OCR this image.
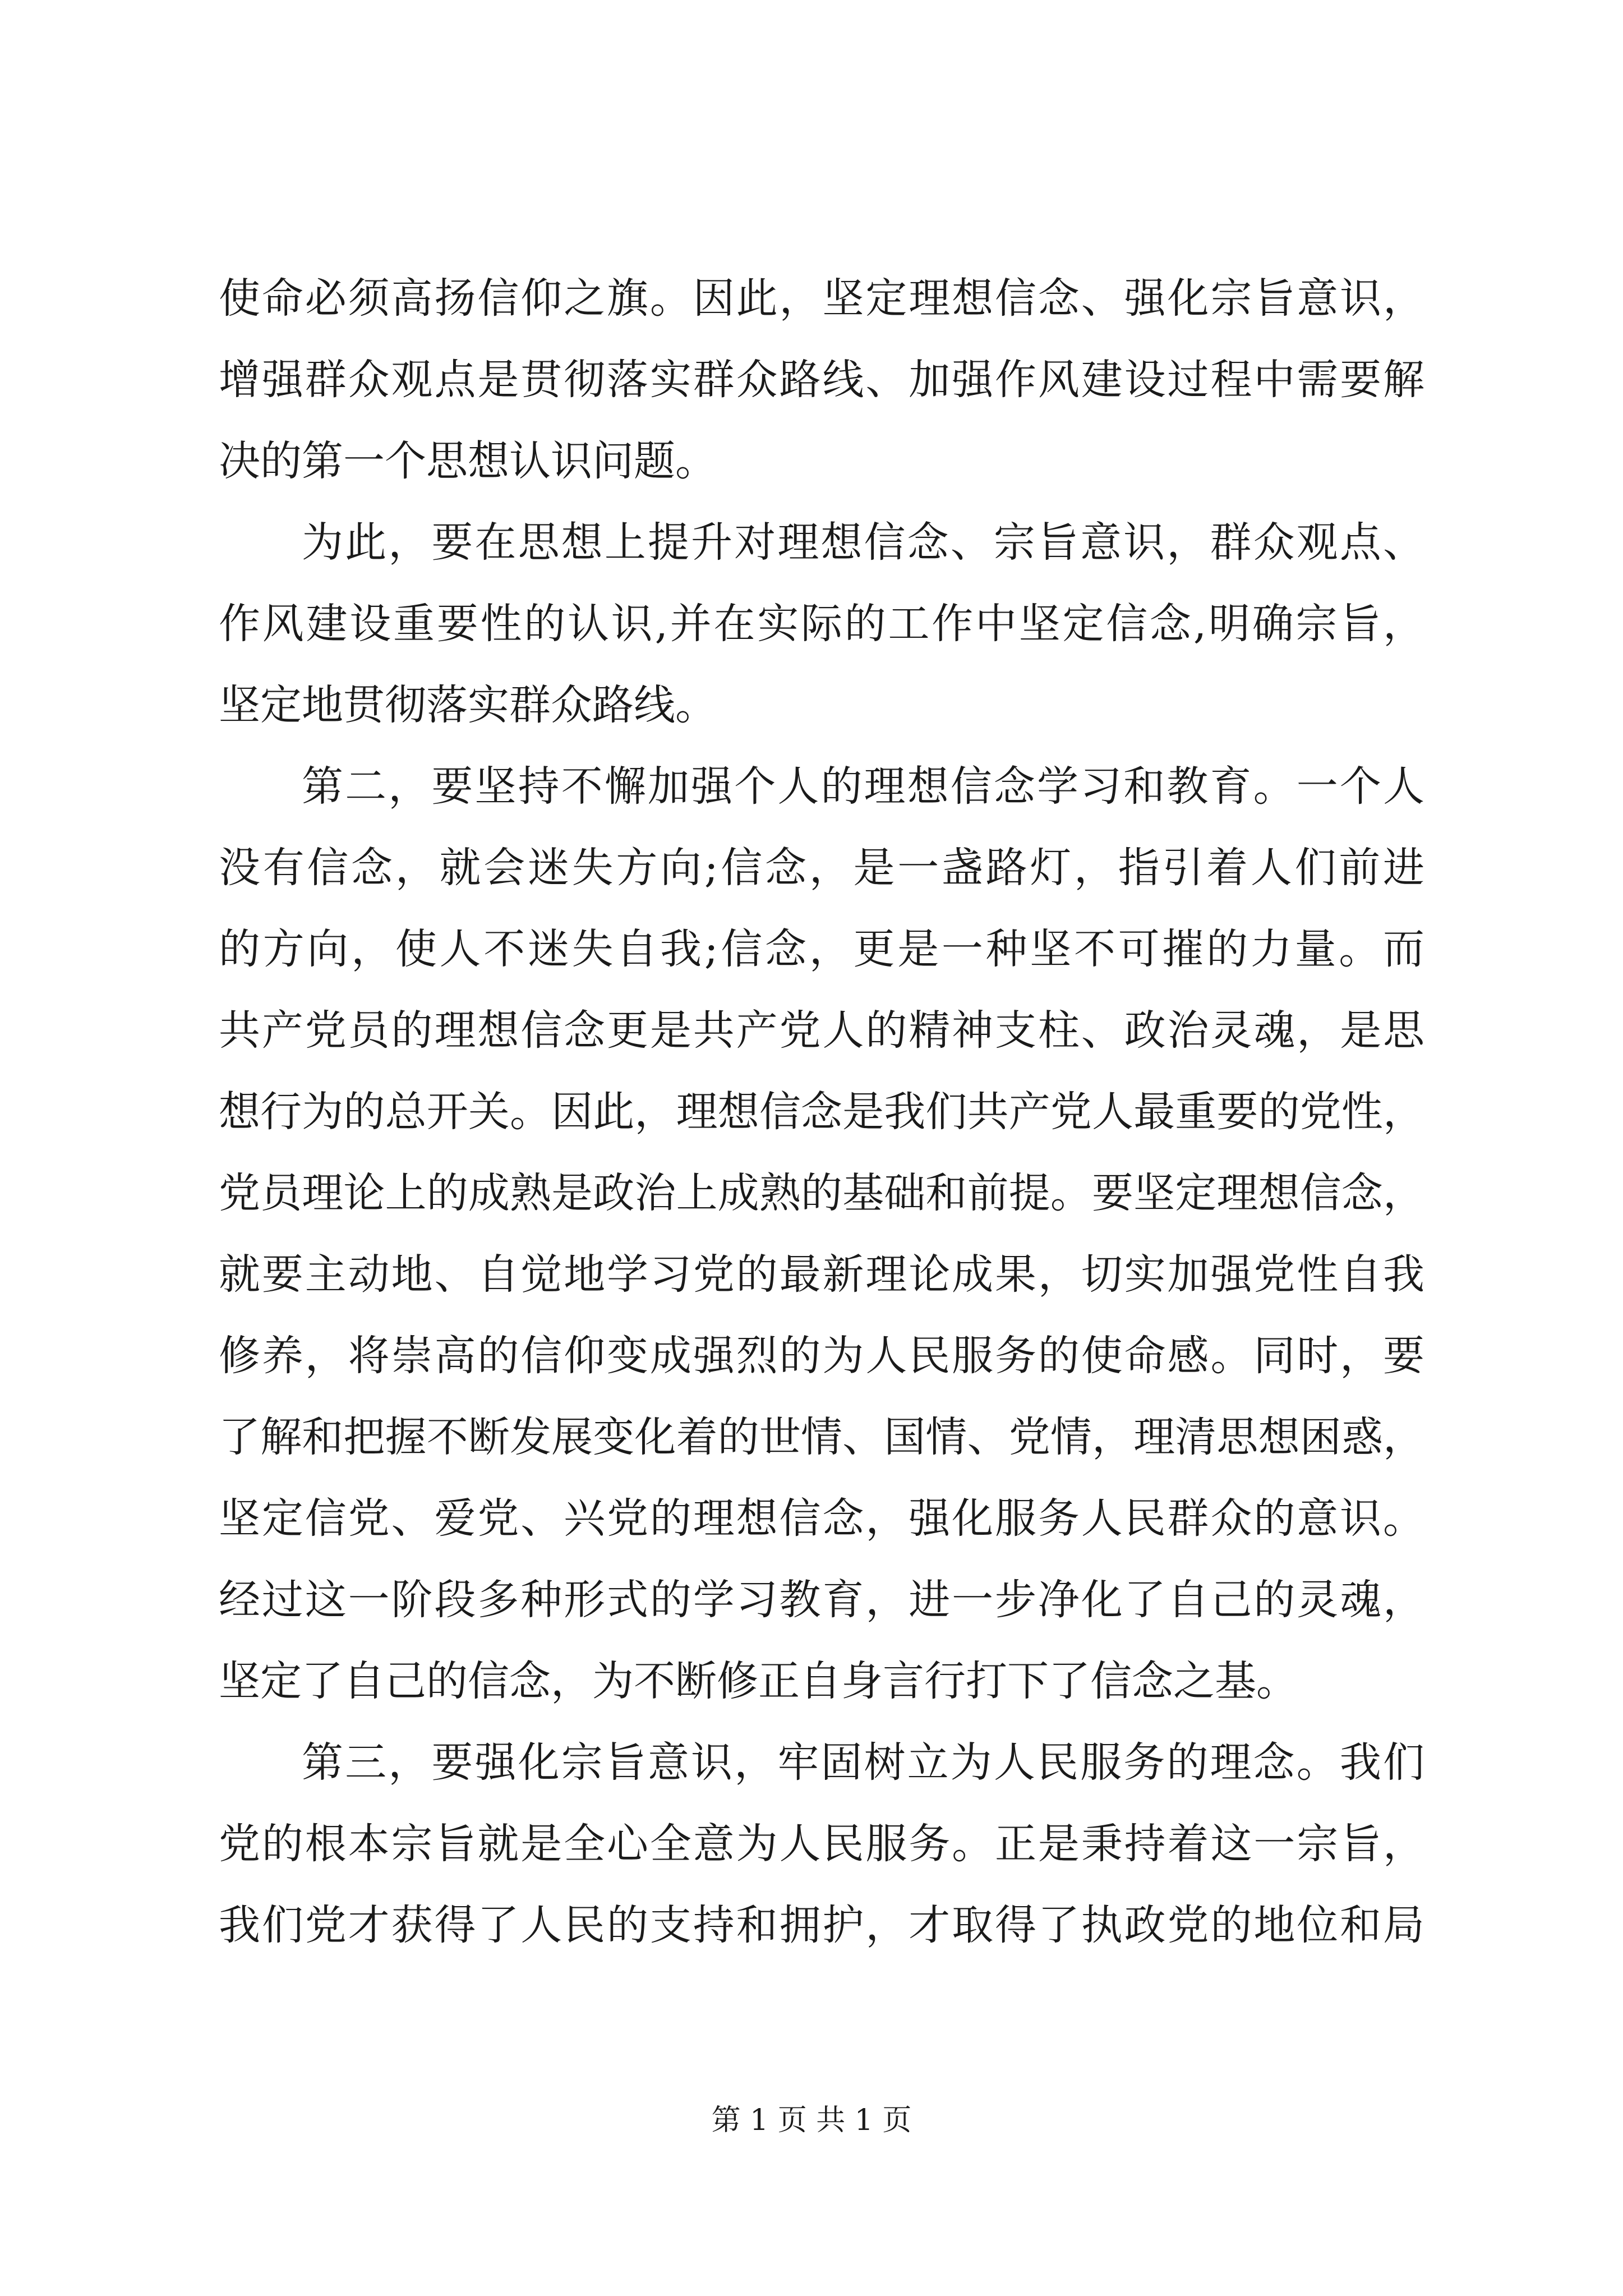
使命必须高扬信仰之旗。因此，坚定理想信念、强化宗旨意识，
增强群众观点是贯彻落实群众路线、加强作风建设过程中需要解
决的第一个思想认识问题。
为此，要在思想上提升对理想信念、宗旨意识，群众观点、
作风建设重要性的认识,并在实际的工作中坚定信念,明确宗旨，
坚定地贯彻落实群众路线。
第二，要坚持不懈加强个人的理想信念学习和教育。一个人
没有信念，就会迷失方向;信念，是一盏路灯，指引着人们前进
的方向，使人不迷失自我;信念，更是一种坚不可摧的力量。而
共产党员的理想信念更是共产党人的精神支柱、政治灵魂，是思
想行为的总开关。因此，理想信念是我们共产党人最重要的党性，
党员理论上的成熟是政治上成熟的基础和前提。要坚定理想信念，
就要主动地、自觉地学习党的最新理论成果，切实加强党性自我
修养，将崇高的信仰变成强烈的为人民服务的使命感。同时，要
了解和把握不断发展变化着的世情、国情、党情，理清思想困惑，
坚定信党、爱党、兴党的理想信念，强化服务人民群众的意识。
经过这一阶段多种形式的学习教育，进一步净化了自己的灵魂，
坚定了自己的信念，为不断修正自身言行打下了信念之基。
第三，要强化宗旨意识，牢固树立为人民服务的理念。我们
党的根本宗旨就是全心全意为人民服务。正是秉持着这一宗旨，
我们党才获得了人民的支持和拥护，才取得了执政党的地位和局
第 1 页 共 1 页
